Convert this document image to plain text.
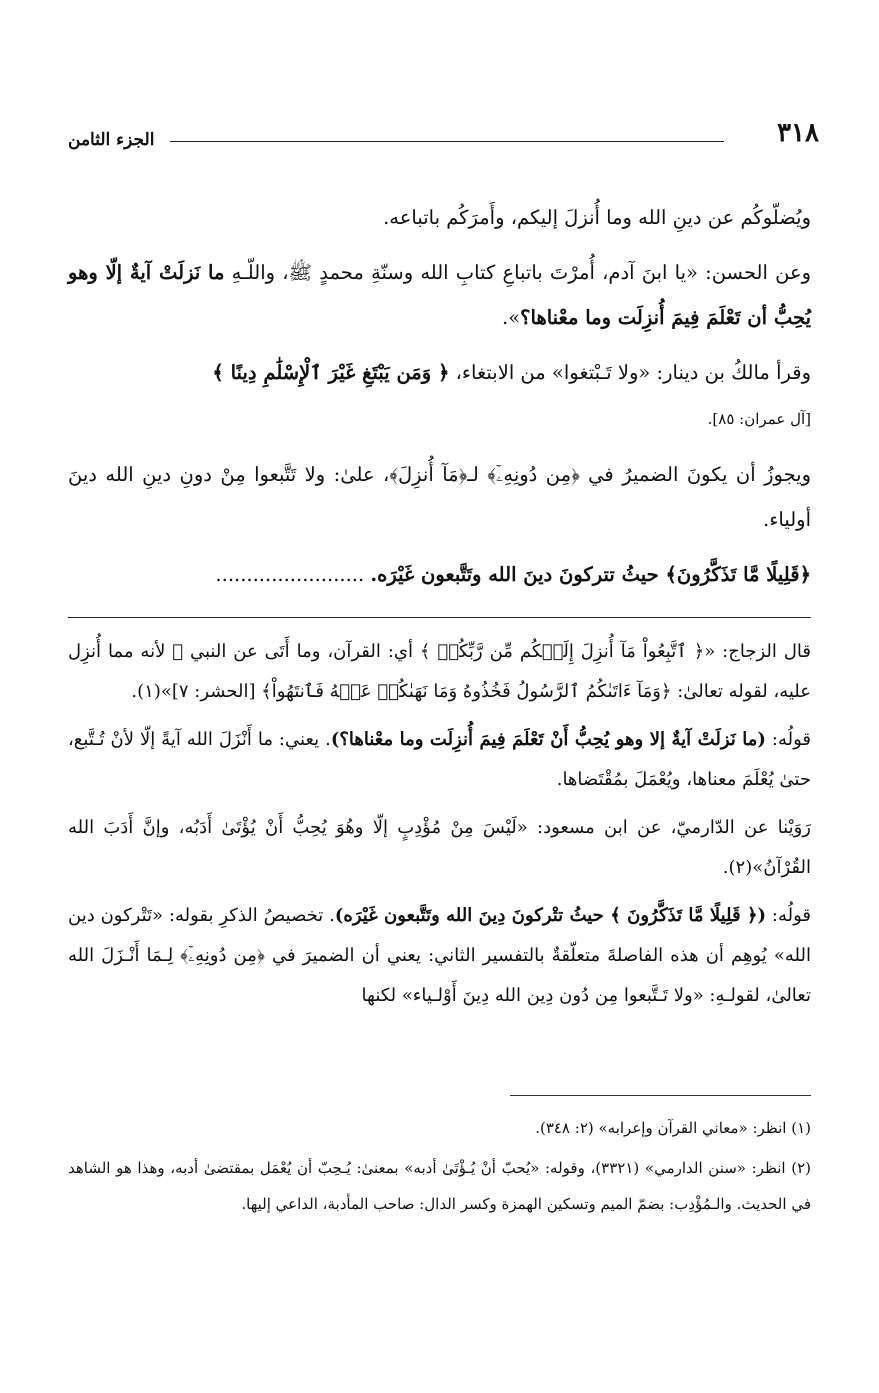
٣١٨
الجزء الثامن

ويُضلّوكُم عن دينِ الله وما أُنزلَ إليكم، وأَمرَكُم باتباعه.

وعن الحسن: «يا ابنَ آدم، أُمرْتَ باتباعِ كتابِ الله وسنّةِ محمدٍ ﷺ، واللّـهِ ما نَزلَتْ آيةٌ إلّا وهو يُحِبُّ أن تَعْلَمَ فِيمَ أُنزِلَت وما معْناها؟».

وقرأ مالكُ بن دينار: «ولا تَـبْتغوا» من الابتغاء، ﴿ وَمَن يَبْتَغِ غَيْرَ ٱلْإِسْلَٰمِ دِينًا ﴾
[آل عمران: ٨٥].

ويجوزُ أن يكونَ الضميرُ في ﴿مِن دُونِهِۦٓ﴾ لـ﴿مَآ أُنزِلَ﴾، علىٰ: ولا تَتَّبعوا مِنْ دونِ دينِ الله دينَ أولياء.

﴿قَلِيلًا مَّا تَذَكَّرُونَ﴾ حيثُ تتركونَ دينَ الله وتَتَّبعون غَيْرَه. ........................

قال الزجاج: «﴿ ٱتَّبِعُواْ مَآ أُنزِلَ إِلَيۡكُم مِّن رَّبِّكُمۡ ﴾ أي: القرآن، وما أَتَى عن النبي ﷺ لأنه مما أُنزِل عليه، لقوله تعالىٰ: ﴿وَمَآ ءَاتَىٰكُمُ ٱلرَّسُولُ فَخُذُوهُ وَمَا نَهَىٰكُمۡ عَنۡهُ فَٱنتَهُواْ﴾ [الحشر: ٧]»(١).

قولُه: (ما نَزلَتْ آيةٌ إلا وهو يُحِبُّ أَنْ تَعْلَمَ فِيمَ أُنزِلَت وما معْناها؟). يعني: ما أَنْزَلَ الله آيةً إلّا لأنْ تُـتَّبع، حتىٰ يُعْلَمَ معناها، ويُعْمَلَ بمُقْتَضاها.

رَوَيْنا عن الدّارميّ، عن ابن مسعود: «لَيْسَ مِنْ مُؤْدِبٍ إلّا وهُوَ يُحِبُّ أَنْ يُؤْتَىٰ أَدَبُه، وإنَّ أَدَبَ الله القُرْآنُ»(٢).

قولُه: (﴿ قَلِيلًا مَّا تَذَكَّرُونَ ﴾ حيثُ تتْركونَ دِينَ الله وتَتَّبعون غَيْرَه). تخصيصُ الذكرِ بقوله: «تَتْركون دين الله» يُوهِم أن هذه الفاصلةَ متعلّقةٌ بالتفسير الثاني: يعني أن الضميرَ في ﴿مِن دُونِهِۦٓ﴾ لِـمَا أَنْـزَلَ الله تعالىٰ، لقولـهِ: «ولا تَـتَّبعوا مِن دُون دِين الله دِينَ أَوْلـياء» لكنها

(١) انظر: «معاني القرآن وإعرابه» (٢: ٣٤٨).

(٢) انظر: «سنن الدارمي» (٣٣٢١)، وقوله: «يُحبّ أنْ يُـؤْتَىٰ أدبه» بمعنىٰ: يُـحِبّ أن يُعْمَل بمقتضىٰ أدبه، وهذا هو الشاهد في الحديث. والـمُؤْدِب: بضمّ الميم وتسكين الهمزة وكسر الدال: صاحب المأدبة، الداعي إليها.
